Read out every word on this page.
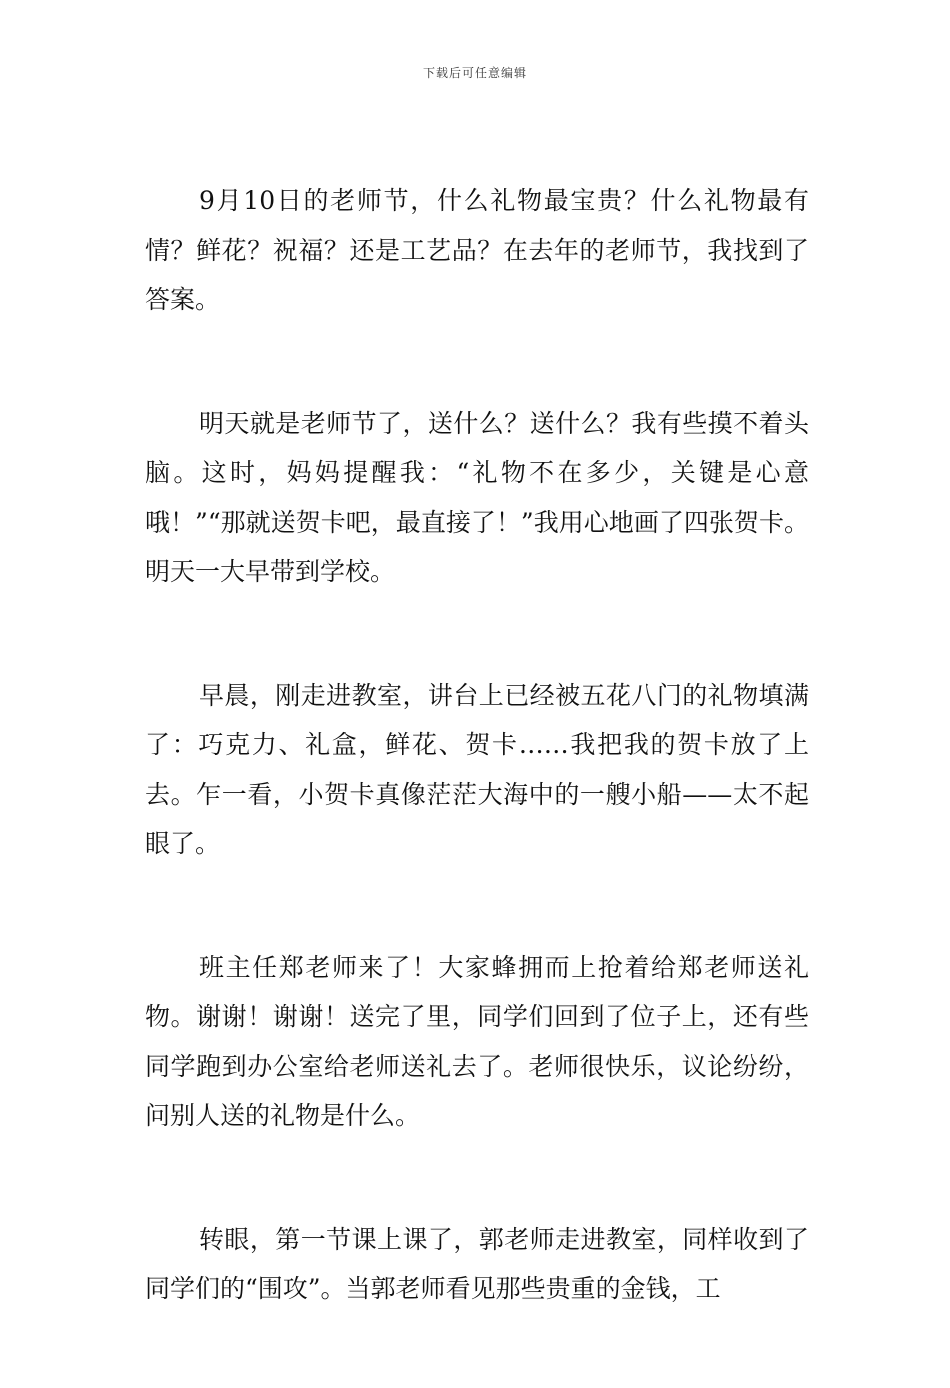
下载后可任意编辑

9月10日的老师节，什么礼物最宝贵？什么礼物最有情？鲜花？祝福？还是工艺品？在去年的老师节，我找到了答案。

明天就是老师节了，送什么？送什么？我有些摸不着头脑。这时，妈妈提醒我：“礼物不在多少，关键是心意哦！”“那就送贺卡吧，最直接了！”我用心地画了四张贺卡。明天一大早带到学校。

早晨，刚走进教室，讲台上已经被五花八门的礼物填满了：巧克力、礼盒，鲜花、贺卡……我把我的贺卡放了上去。乍一看，小贺卡真像茫茫大海中的一艘小船——太不起眼了。

班主任郑老师来了！大家蜂拥而上抢着给郑老师送礼物。谢谢！谢谢！送完了里，同学们回到了位子上，还有些同学跑到办公室给老师送礼去了。老师很快乐，议论纷纷，问别人送的礼物是什么。

转眼，第一节课上课了，郭老师走进教室，同样收到了同学们的“围攻”。当郭老师看见那些贵重的金钱，工
